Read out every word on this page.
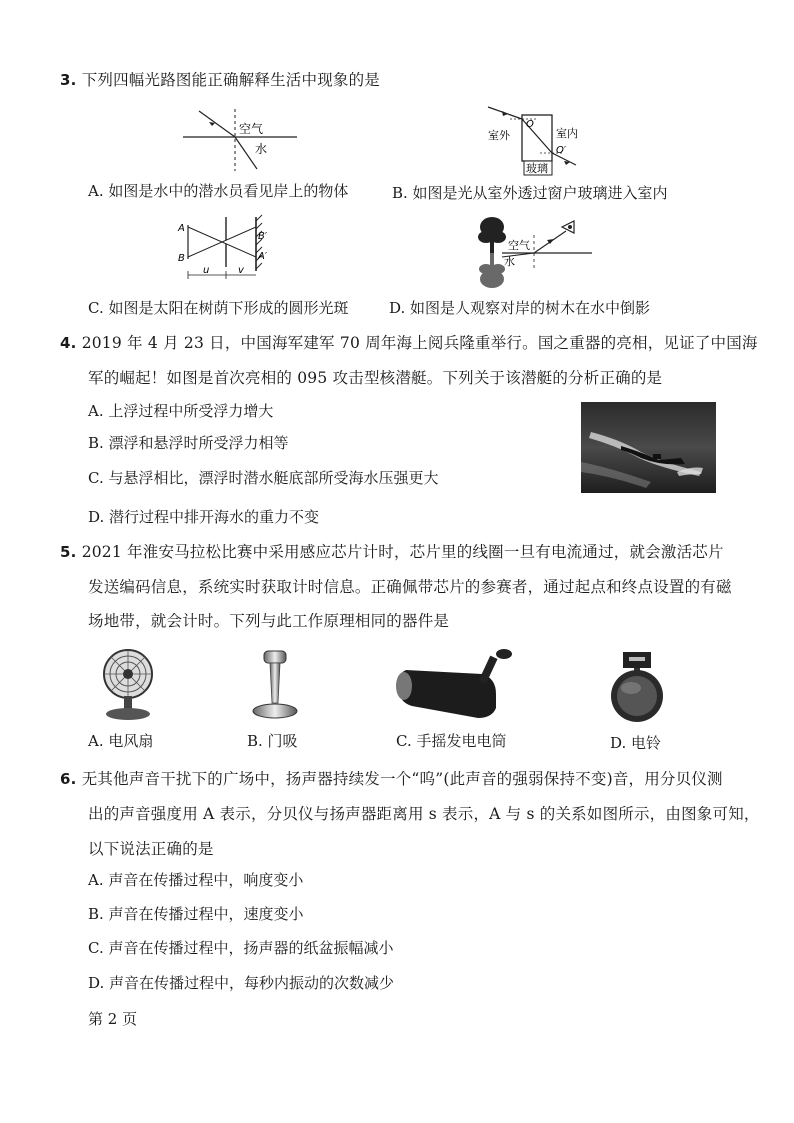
3. 下列四幅光路图能正确解释生活中现象的是
空气
水
O
O′
室外	室内
玻璃
A. 如图是水中的潜水员看见岸上的物体	B. 如图是光从室外透过窗户玻璃进入室内
A
B
B′
A′
u	v
空气
水
C. 如图是太阳在树荫下形成的圆形光斑	D. 如图是人观察对岸的树木在水中倒影
4. 2019 年 4 月 23 日，中国海军建军 70 周年海上阅兵隆重举行。国之重器的亮相，见证了中国海
军的崛起！如图是首次亮相的 095 攻击型核潜艇。下列关于该潜艇的分析正确的是
A. 上浮过程中所受浮力增大
B. 漂浮和悬浮时所受浮力相等
C. 与悬浮相比，漂浮时潜水艇底部所受海水压强更大
D. 潜行过程中排开海水的重力不变
5. 2021 年淮安马拉松比赛中采用感应芯片计时，芯片里的线圈一旦有电流通过，就会激活芯片
发送编码信息，系统实时获取计时信息。正确佩带芯片的参赛者，通过起点和终点设置的有磁
场地带，就会计时。下列与此工作原理相同的器件是
A. 电风扇	B. 门吸	C. 手摇发电电筒	D. 电铃
6. 无其他声音干扰下的广场中，扬声器持续发一个“呜”(此声音的强弱保持不变)音，用分贝仪测
出的声音强度用 A 表示，分贝仪与扬声器距离用 s 表示，A 与 s 的关系如图所示，由图象可知，
以下说法正确的是
A. 声音在传播过程中，响度变小
B. 声音在传播过程中，速度变小
C. 声音在传播过程中，扬声器的纸盆振幅减小
D. 声音在传播过程中，每秒内振动的次数减少
第 2 页
